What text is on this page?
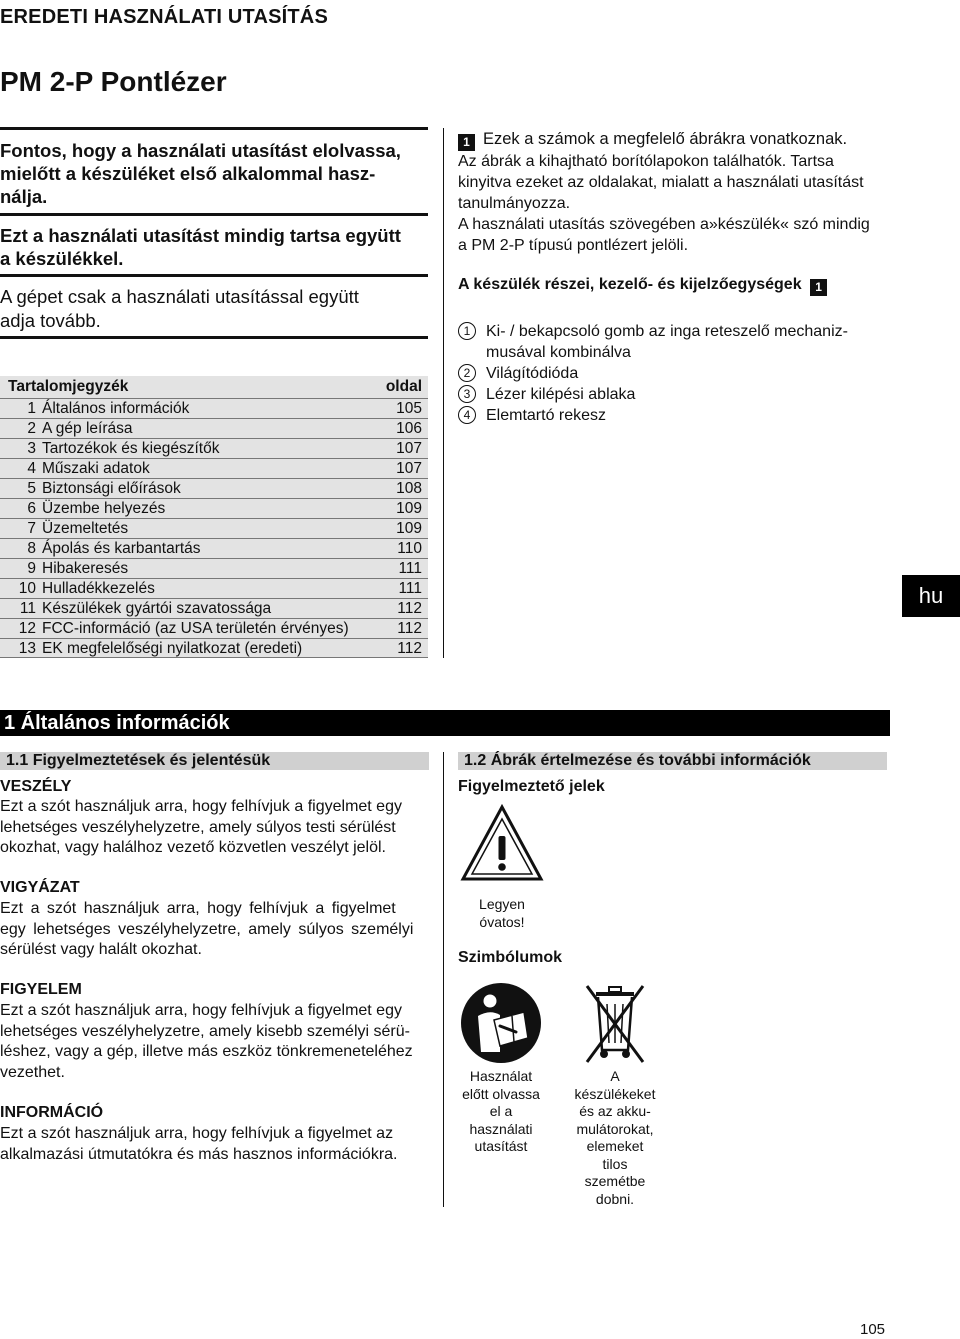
EREDETI HASZNÁLATI UTASÍTÁS
PM 2-P Pontlézer
Fontos, hogy a használati utasítást elolvassa,
mielőtt a készüléket első alkalommal hasz-
nálja.
Ezt a használati utasítást mindig tartsa együtt
a készülékkel.
A gépet csak a használati utasítással együtt
adja tovább.
Tartalomjegyzék	oldal
1 Általános információk	105
2 A gép leírása	106
3 Tartozékok és kiegészítők	107
4 Műszaki adatok	107
5 Biztonsági előírások	108
6 Üzembe helyezés	109
7 Üzemeltetés	109
8 Ápolás és karbantartás	110
9 Hibakeresés	111
10 Hulladékkezelés	111
11 Készülékek gyártói szavatossága	112
12 FCC-információ (az USA területén érvényes)	112
13 EK megfelelőségi nyilatkozat (eredeti)	112
1 Ezek a számok a megfelelő ábrákra vonatkoznak.
Az ábrák a kihajtható borítólapokon találhatók. Tartsa
kinyitva ezeket az oldalakat, mialatt a használati utasítást
tanulmányozza.
A használati utasítás szövegében a»készülék« szó mindig
a PM 2-P típusú pontlézert jelöli.
A készülék részei, kezelő- és kijelzőegységek 1
1 Ki- / bekapcsoló gomb az inga reteszelő mechaniz-
musával kombinálva
2 Világítódióda
3 Lézer kilépési ablaka
4 Elemtartó rekesz
hu
1 Általános információk
1.1 Figyelmeztetések és jelentésük	1.2 Ábrák értelmezése és további információk
VESZÉLY
Ezt a szót használjuk arra, hogy felhívjuk a figyelmet egy
lehetséges veszélyhelyzetre, amely súlyos testi sérülést
okozhat, vagy halálhoz vezető közvetlen veszélyt jelöl.
VIGYÁZAT
Ezt a szót használjuk arra, hogy felhívjuk a figyelmet
egy lehetséges veszélyhelyzetre, amely súlyos személyi
sérülést vagy halált okozhat.
FIGYELEM
Ezt a szót használjuk arra, hogy felhívjuk a figyelmet egy
lehetséges veszélyhelyzetre, amely kisebb személyi sérü-
léshez, vagy a gép, illetve más eszköz tönkremeneteléhez
vezethet.
INFORMÁCIÓ
Ezt a szót használjuk arra, hogy felhívjuk a figyelmet az
alkalmazási útmutatókra és más hasznos információkra.
Figyelmeztető jelek
Legyen
óvatos!
Szimbólumok
Használat
előtt olvassa
el a
használati
utasítást
A
készülékeket
és az akku-
mulátorokat,
elemeket
tilos
szemétbe
dobni.
105
